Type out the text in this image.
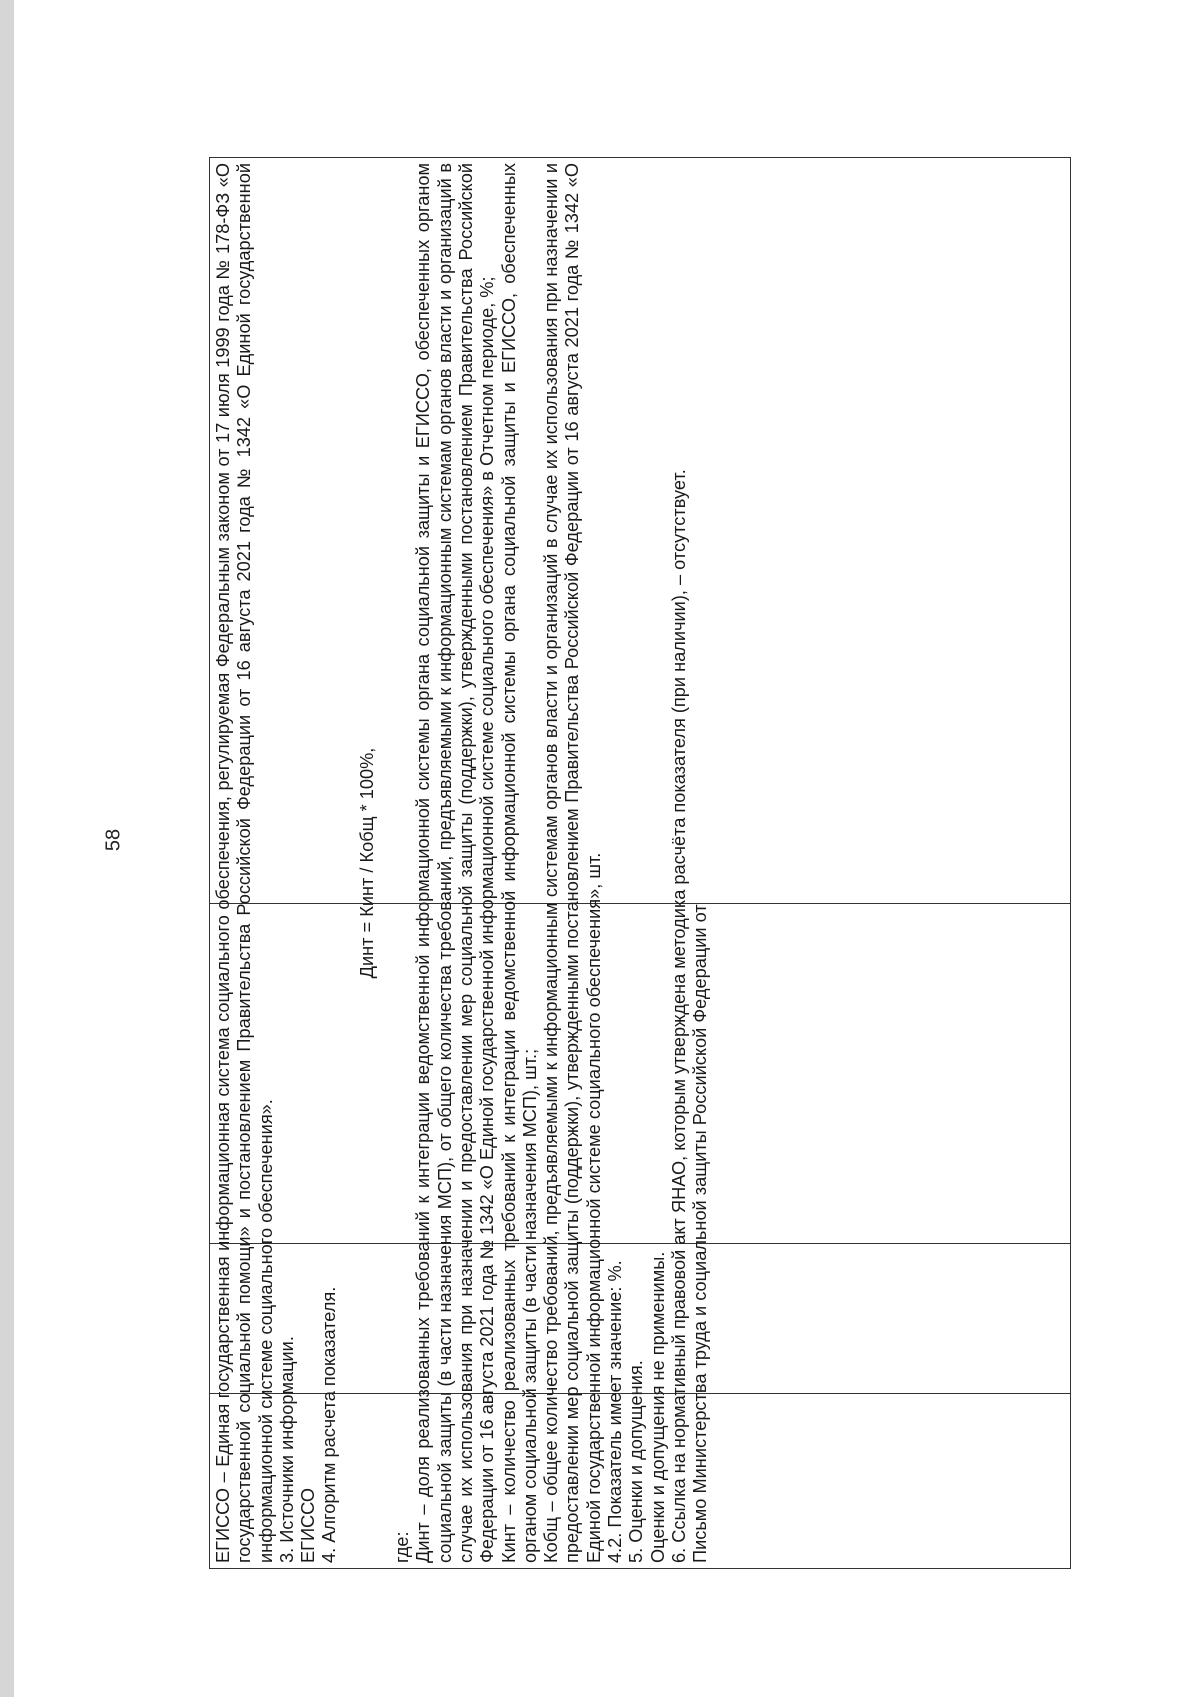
58	ЕГИССО – Единая государственная информационная система социального обеспечения, регулируемая Федеральным законом от 17 июля 1999 года № 178-ФЗ «О государственной социальной помощи» и постановлением Правительства Российской Федерации от 16 августа 2021 года № 1342 «О Единой государственной информационной системе социального обеспечения». 3. Источники информации. ЕГИССО 4. Алгоритм расчета показателя.

Динт = Кинт / Кобщ * 100%,

где: Динт – доля реализованных требований к интеграции ведомственной информационной системы органа социальной защиты и ЕГИССО, обеспеченных органом социальной защиты (в части назначения МСП), от общего количества требований, предъявляемыми к информационным системам органов власти и организаций в случае их использования при назначении и предоставлении мер социальной защиты (поддержки), утвержденными постановлением Правительства Российской Федерации от 16 августа 2021 года № 1342 «О Единой государственной информационной системе социального обеспечения» в Отчетном периоде, %; Кинт – количество реализованных требований к интеграции ведомственной информационной системы органа социальной защиты и ЕГИССО, обеспеченных органом социальной защиты (в части назначения МСП), шт.; Кобщ – общее количество требований, предъявляемыми к информационным системам органов власти и организаций в случае их использования при назначении и предоставлении мер социальной защиты (поддержки), утвержденными постановлением Правительства Российской Федерации от 16 августа 2021 года № 1342 «О Единой государственной информационной системе социального обеспечения», шт. 4.2. Показатель имеет значение: %. 5. Оценки и допущения. Оценки и допущения не применимы. 6. Ссылка на нормативный правовой акт ЯНАО, которым утверждена методика расчёта показателя (при наличии), – отсутствует. Письмо Министерства труда и социальной защиты Российской Федерации от
